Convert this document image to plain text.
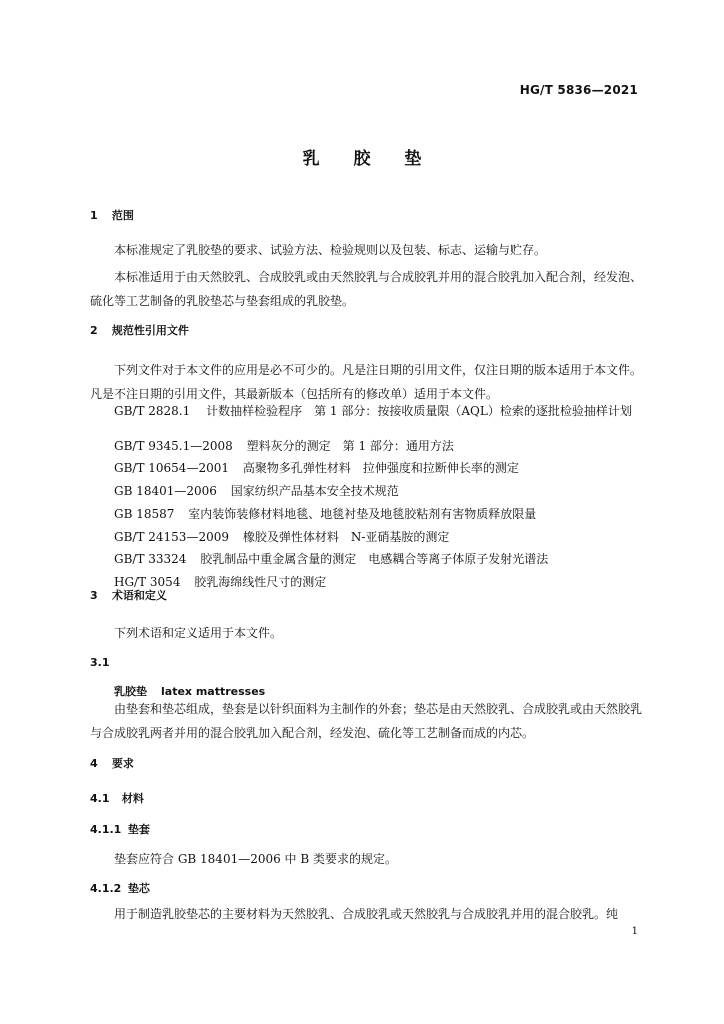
HG/T 5836—2021
乳 胶 垫
1 范围
本标准规定了乳胶垫的要求、试验方法、检验规则以及包装、标志、运输与贮存。
本标准适用于由天然胶乳、合成胶乳或由天然胶乳与合成胶乳并用的混合胶乳加入配合剂，经发泡、硫化等工艺制备的乳胶垫芯与垫套组成的乳胶垫。
2 规范性引用文件
下列文件对于本文件的应用是必不可少的。凡是注日期的引用文件，仅注日期的版本适用于本文件。凡是不注日期的引用文件，其最新版本（包括所有的修改单）适用于本文件。
GB/T 2828.1　 计数抽样检验程序　第 1 部分：按接收质量限（AQL）检索的逐批检验抽样计划
GB/T 9345.1—2008 塑料灰分的测定　第 1 部分：通用方法
GB/T 10654—2001 高聚物多孔弹性材料　拉伸强度和拉断伸长率的测定
GB 18401—2006 国家纺织产品基本安全技术规范
GB 18587 室内装饰装修材料地毯、地毯衬垫及地毯胶粘剂有害物质释放限量
GB/T 24153—2009 橡胶及弹性体材料　N-亚硝基胺的测定
GB/T 33324 胶乳制品中重金属含量的测定　电感耦合等离子体原子发射光谱法
HG/T 3054 胶乳海绵线性尺寸的测定
3 术语和定义
下列术语和定义适用于本文件。
3.1
乳胶垫 latex mattresses
由垫套和垫芯组成，垫套是以针织面料为主制作的外套；垫芯是由天然胶乳、合成胶乳或由天然胶乳与合成胶乳两者并用的混合胶乳加入配合剂，经发泡、硫化等工艺制备而成的内芯。
4 要求
4.1 材料
4.1.1 垫套
垫套应符合 GB 18401—2006 中 B 类要求的规定。
4.1.2 垫芯
用于制造乳胶垫芯的主要材料为天然胶乳、合成胶乳或天然胶乳与合成胶乳并用的混合胶乳。纯
1
